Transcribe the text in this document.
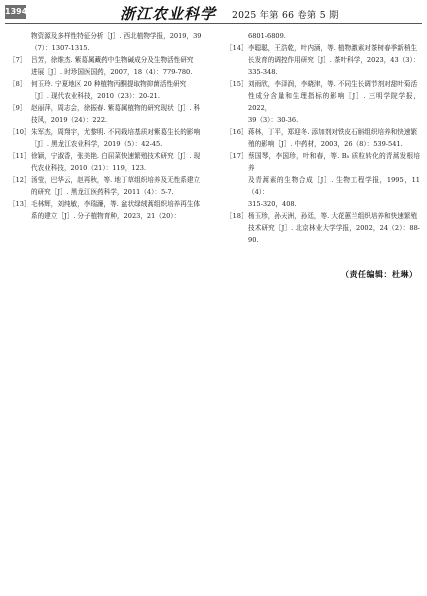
1394	浙江农业科学 2025 年第 66 卷第 5 期
物资源及多样性特征分析［J］. 西北植物学报，2019，39
（7）：1307-1315.
［7］ 吕芳，徐维杰. 紫葛属藏药中生物碱成分及生物活性研究
进展［J］. 时珍国医国药，2007，18（4）：779-780.
［8］ 何玉玲. 宁夏地区 20 种植物丙酮提取物抑菌活性研究
［J］. 现代农业科技，2010（23）：20-21.
［9］ 赵丽萍，周志会，徐振春. 紫葛属植物的研究现状［J］. 科
技风，2019（24）：222.
［10］ 朱军杰，周翔宇，尤黎明. 不同栽培基质对紫葛生长的影响
［J］. 黑龙江农业科学，2019（5）：42-45.
［11］ 徐颖，宁淑香，张美艳. 白屈菜快速繁殖技术研究［J］. 现
代农业科技，2010（21）：119，123.
［12］ 汤莹，巴华云，赵再秋，等. 地丁草组织培养及无性系建立
的研究［J］. 黑龙江医药科学，2011（4）：5-7.
［13］ 毛林辉，刘纯敏，李瑞濂，等. 盆状绿绒蒿组织培养再生体
系的建立［J］. 分子植物育种，2023，21（20）：
6801-6809.
［14］ 李聪聪，王浩乾，叶内涵，等. 植物激素对茶树春季新梢生
长发育的调控作用研究［J］. 茶叶科学，2023，43（3）：
335-348.
［15］ 刘雨欣，李泽润，李晓津，等. 不同生长调节剂对甜叶菊活
性成分含量和生理指标的影响［J］. 三明学院学报，2022，
39（3）：30-36.
［16］ 蒋林，丁平，郑迎冬. 添加剂对铁皮石斛组织培养和快速繁
殖的影响［J］. 中药材，2003，26（8）：539-541.
［17］ 蔡国琴，李国珍，叶和春，等. B₅ 质粒转化的青蒿发根培养
及青蒿素的生物合成［J］. 生物工程学报，1995，11（4）：
315-320，408.
［18］ 杨玉珍，孙天洲，孙廷，等. 大花蕙兰组织培养和快速繁殖
技术研究［J］. 北京林业大学学报，2002，24（2）：88-90.
（责任编辑：杜琳）
